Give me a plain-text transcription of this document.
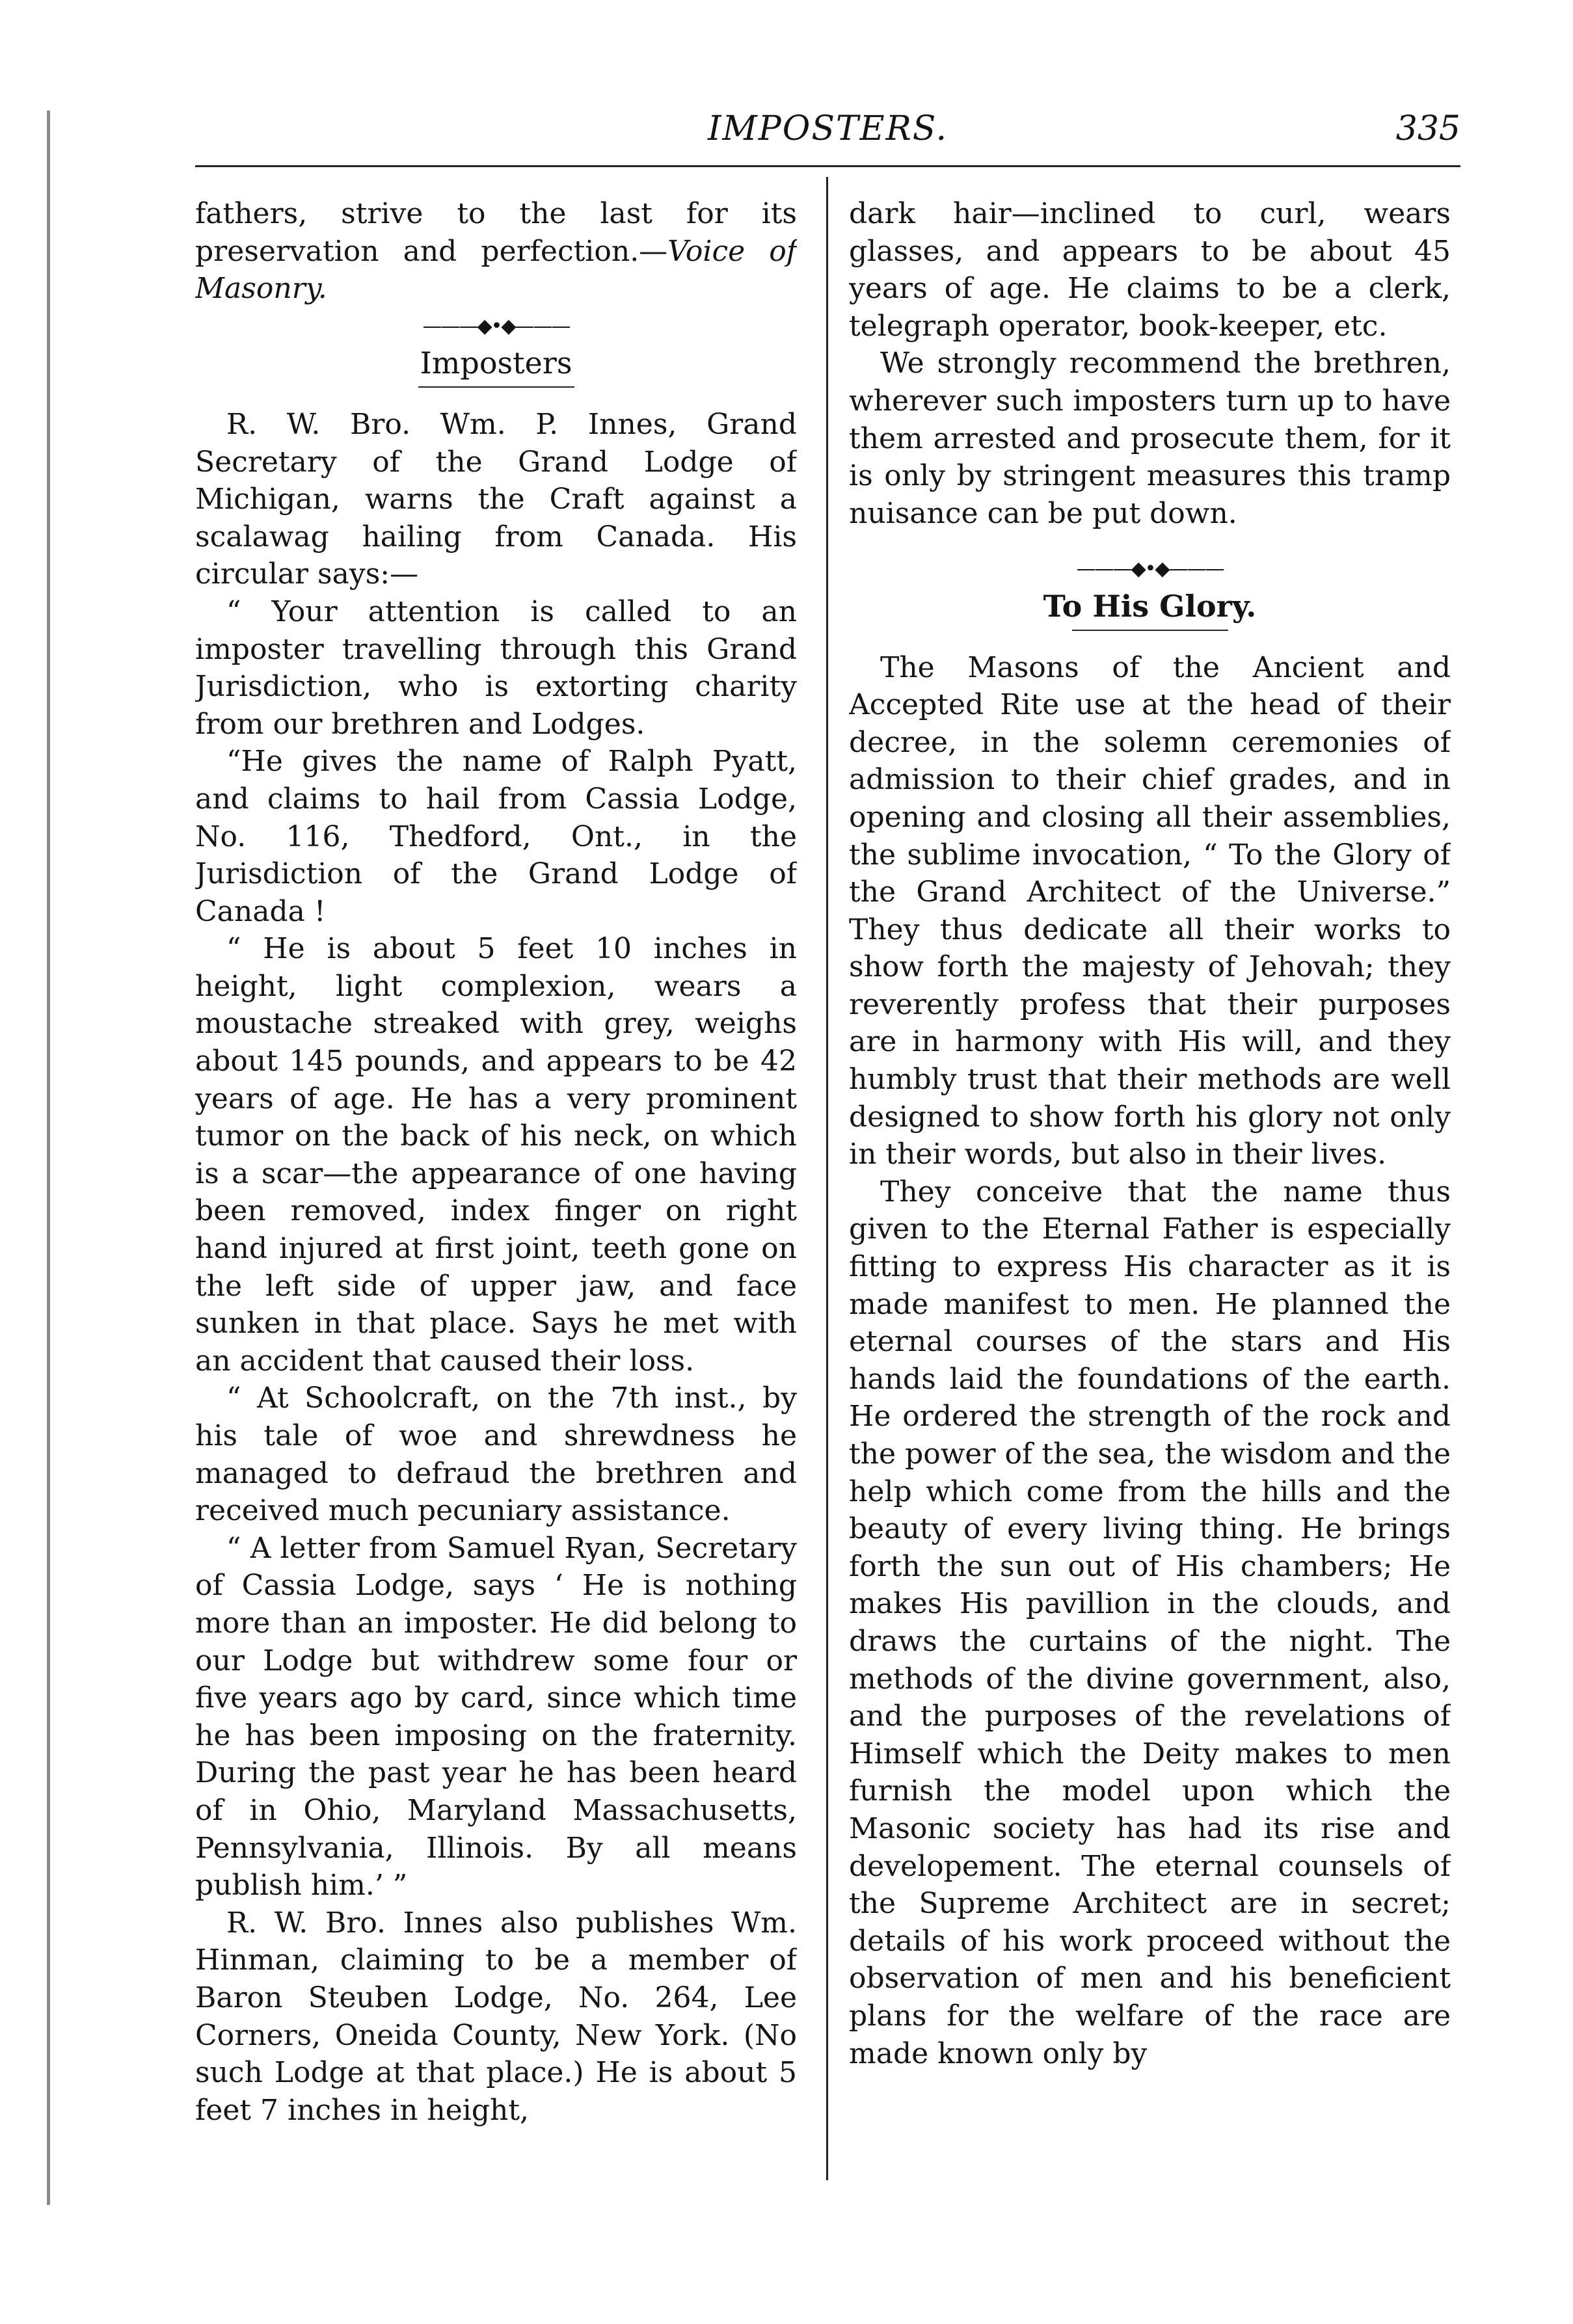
IMPOSTERS.	335

fathers, strive to the last for its preservation and perfection.—Voice of Masonry.

———◆•◆———
Imposters

R. W. Bro. Wm. P. Innes, Grand Secretary of the Grand Lodge of Michigan, warns the Craft against a scalawag hailing from Canada. His circular says:—

“ Your attention is called to an imposter travelling through this Grand Jurisdiction, who is extorting charity from our brethren and Lodges.

“He gives the name of Ralph Pyatt, and claims to hail from Cassia Lodge, No. 116, Thedford, Ont., in the Jurisdiction of the Grand Lodge of Canada !

“ He is about 5 feet 10 inches in height, light complexion, wears a moustache streaked with grey, weighs about 145 pounds, and appears to be 42 years of age. He has a very prominent tumor on the back of his neck, on which is a scar—the appearance of one having been removed, index finger on right hand injured at first joint, teeth gone on the left side of upper jaw, and face sunken in that place. Says he met with an accident that caused their loss.

“ At Schoolcraft, on the 7th inst., by his tale of woe and shrewdness he managed to defraud the brethren and received much pecuniary assistance.

“ A letter from Samuel Ryan, Secretary of Cassia Lodge, says ‘ He is nothing more than an imposter. He did belong to our Lodge but withdrew some four or five years ago by card, since which time he has been imposing on the fraternity. During the past year he has been heard of in Ohio, Maryland Massachusetts, Pennsylvania, Illinois. By all means publish him.’ ”

R. W. Bro. Innes also publishes Wm. Hinman, claiming to be a member of Baron Steuben Lodge, No. 264, Lee Corners, Oneida County, New York. (No such Lodge at that place.) He is about 5 feet 7 inches in height,

dark hair—inclined to curl, wears glasses, and appears to be about 45 years of age. He claims to be a clerk, telegraph operator, book-keeper, etc.

We strongly recommend the brethren, wherever such imposters turn up to have them arrested and prosecute them, for it is only by stringent measures this tramp nuisance can be put down.

———◆•◆———
To His Glory.

The Masons of the Ancient and Accepted Rite use at the head of their decree, in the solemn ceremonies of admission to their chief grades, and in opening and closing all their assemblies, the sublime invocation, “ To the Glory of the Grand Architect of the Universe.” They thus dedicate all their works to show forth the majesty of Jehovah; they reverently profess that their purposes are in harmony with His will, and they humbly trust that their methods are well designed to show forth his glory not only in their words, but also in their lives.

They conceive that the name thus given to the Eternal Father is especially fitting to express His character as it is made manifest to men. He planned the eternal courses of the stars and His hands laid the foundations of the earth. He ordered the strength of the rock and the power of the sea, the wisdom and the help which come from the hills and the beauty of every living thing. He brings forth the sun out of His chambers; He makes His pavillion in the clouds, and draws the curtains of the night. The methods of the divine government, also, and the purposes of the revelations of Himself which the Deity makes to men furnish the model upon which the Masonic society has had its rise and developement. The eternal counsels of the Supreme Architect are in secret; details of his work proceed without the observation of men and his beneficient plans for the welfare of the race are made known only by
